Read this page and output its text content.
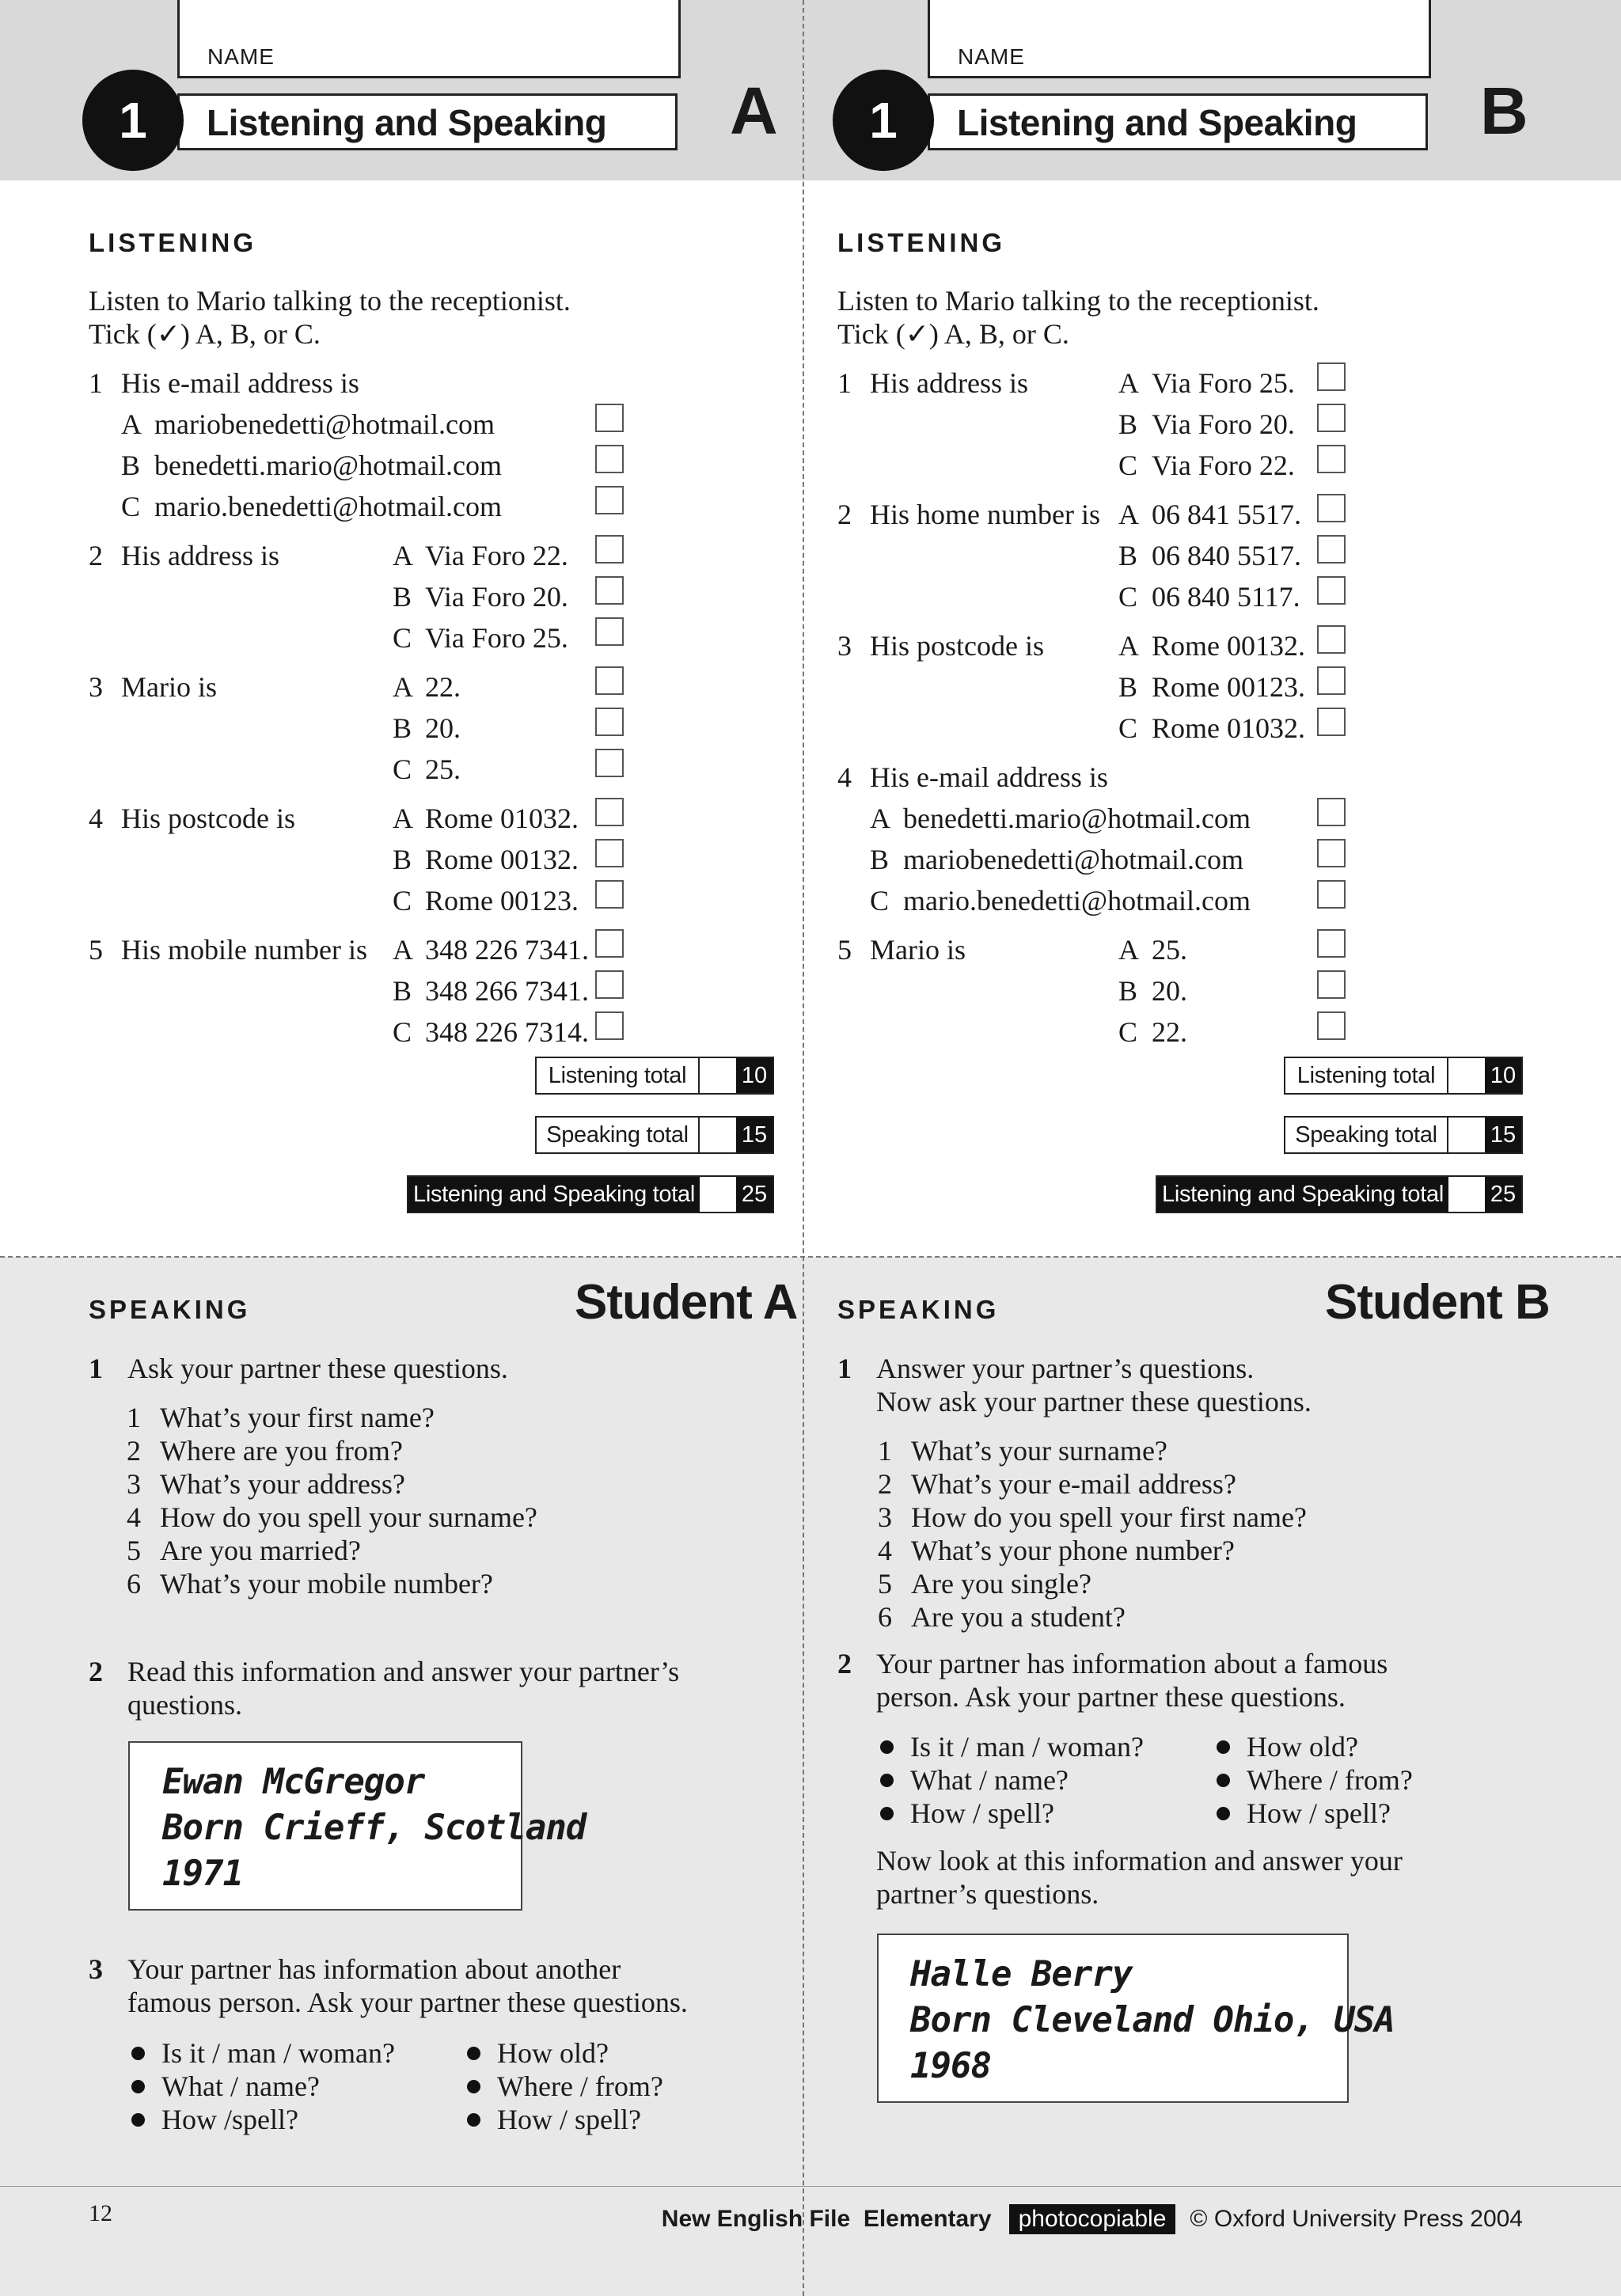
NAME
Listening and Speaking
1	A
NAME
Listening and Speaking
1	B
LISTENING
Listen to Mario talking to the receptionist.
Tick (✓) A, B, or C.
1 His e-mail address is
A mariobenedetti@hotmail.com
B benedetti.mario@hotmail.com
C mario.benedetti@hotmail.com
2 His address is	A Via Foro 22.
B Via Foro 20.
C Via Foro 25.
3 Mario is	A 22.
B 20.
C 25.
4 His postcode is	A Rome 01032.
B Rome 00132.
C Rome 00123.
5 His mobile number is A 348 226 7341.
B 348 266 7341.
C 348 226 7314.
Listening total	10
Speaking total	15
Listening and Speaking total 25
LISTENING
Listen to Mario talking to the receptionist.
Tick (✓) A, B, or C.
1 His address is	A Via Foro 25.
B Via Foro 20.
C Via Foro 22.
2 His home number is A 06 841 5517.
B 06 840 5517.
C 06 840 5117.
3 His postcode is	A Rome 00132.
B Rome 00123.
C Rome 01032.
4 His e-mail address is
A benedetti.mario@hotmail.com
B mariobenedetti@hotmail.com
C mario.benedetti@hotmail.com
5 Mario is	A 25.
B 20.
C 22.
Listening total	10
Speaking total	15
Listening and Speaking total 25
SPEAKING	Student A
1 Ask your partner these questions.
1 What’s your first name?
2 Where are you from?
3 What’s your address?
4 How do you spell your surname?
5 Are you married?
6 What’s your mobile number?
2 Read this information and answer your partner’s
questions.
Ewan McGregor
Born Crieff, Scotland
1971
3 Your partner has information about another
famous person. Ask your partner these questions.
Is it / man / woman?
What / name?
How /spell?
How old?
Where / from?
How / spell?
SPEAKING	Student B
1 Answer your partner’s questions.
Now ask your partner these questions.
1 What’s your surname?
2 What’s your e-mail address?
3 How do you spell your first name?
4 What’s your phone number?
5 Are you single?
6 Are you a student?
2 Your partner has information about a famous
person. Ask your partner these questions.
Is it / man / woman?
What / name?
How / spell?
How old?
Where / from?
How / spell?
Now look at this information and answer your
partner’s questions.
Halle Berry
Born Cleveland Ohio, USA
1968
12	New English File  Elementary	photocopiable	© Oxford University Press 2004
